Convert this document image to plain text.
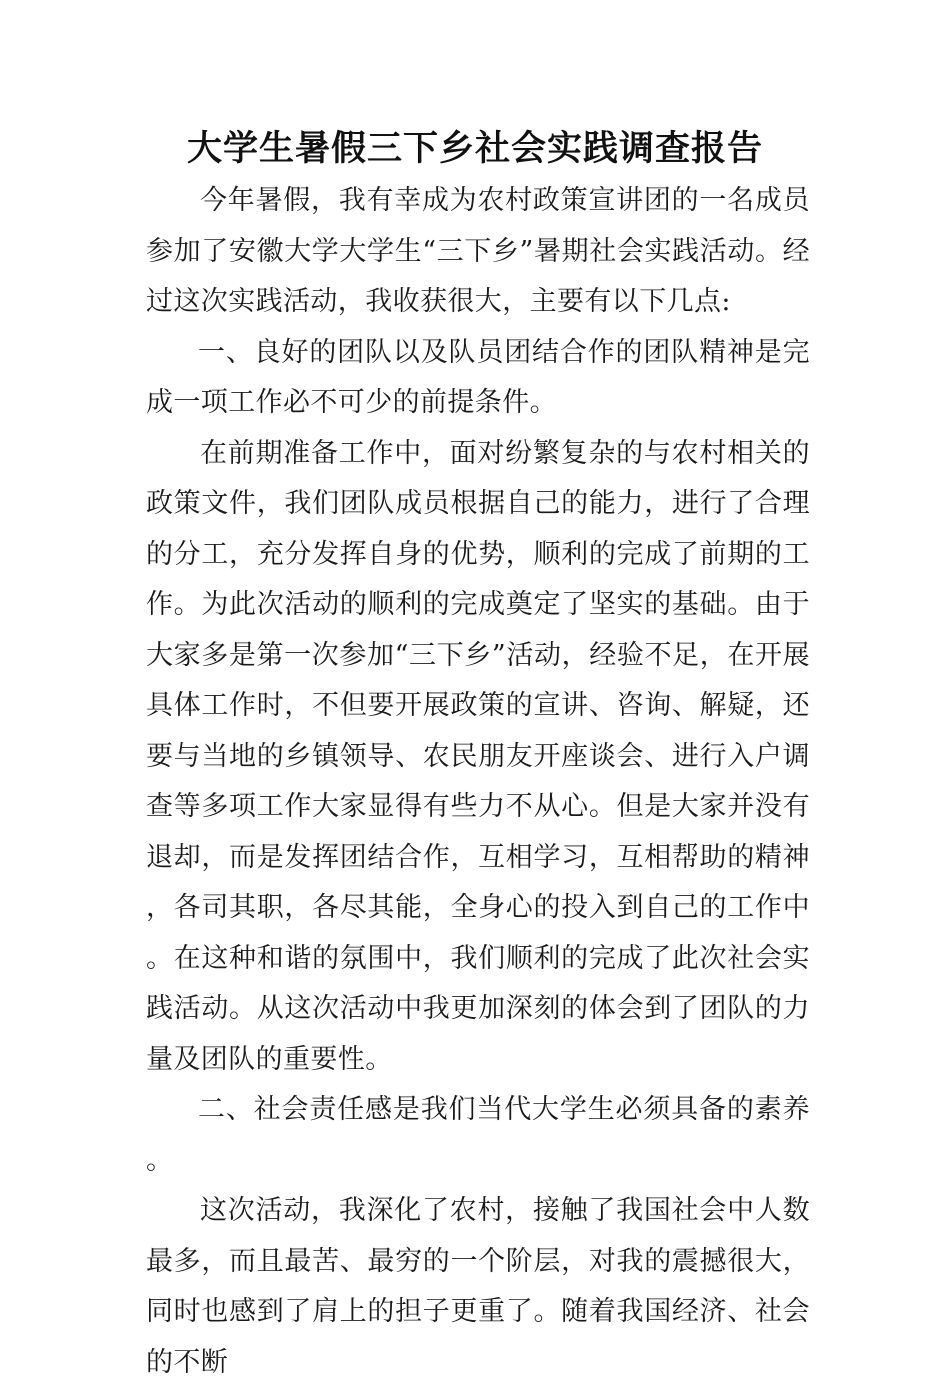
大学生暑假三下乡社会实践调查报告

今年暑假，我有幸成为农村政策宣讲团的一名成员参加了安徽大学大学生“三下乡”暑期社会实践活动。经过这次实践活动，我收获很大，主要有以下几点:

一、良好的团队以及队员团结合作的团队精神是完成一项工作必不可少的前提条件。

在前期准备工作中，面对纷繁复杂的与农村相关的政策文件，我们团队成员根据自己的能力，进行了合理的分工，充分发挥自身的优势，顺利的完成了前期的工作。为此次活动的顺利的完成奠定了坚实的基础。由于大家多是第一次参加“三下乡”活动，经验不足，在开展具体工作时，不但要开展政策的宣讲、咨询、解疑，还要与当地的乡镇领导、农民朋友开座谈会、进行入户调查等多项工作大家显得有些力不从心。但是大家并没有退却，而是发挥团结合作，互相学习，互相帮助的精神，各司其职，各尽其能，全身心的投入到自己的工作中。在这种和谐的氛围中，我们顺利的完成了此次社会实践活动。从这次活动中我更加深刻的体会到了团队的力量及团队的重要性。

二、社会责任感是我们当代大学生必须具备的素养。

这次活动，我深化了农村，接触了我国社会中人数最多，而且最苦、最穷的一个阶层，对我的震撼很大，同时也感到了肩上的担子更重了。随着我国经济、社会的不断
